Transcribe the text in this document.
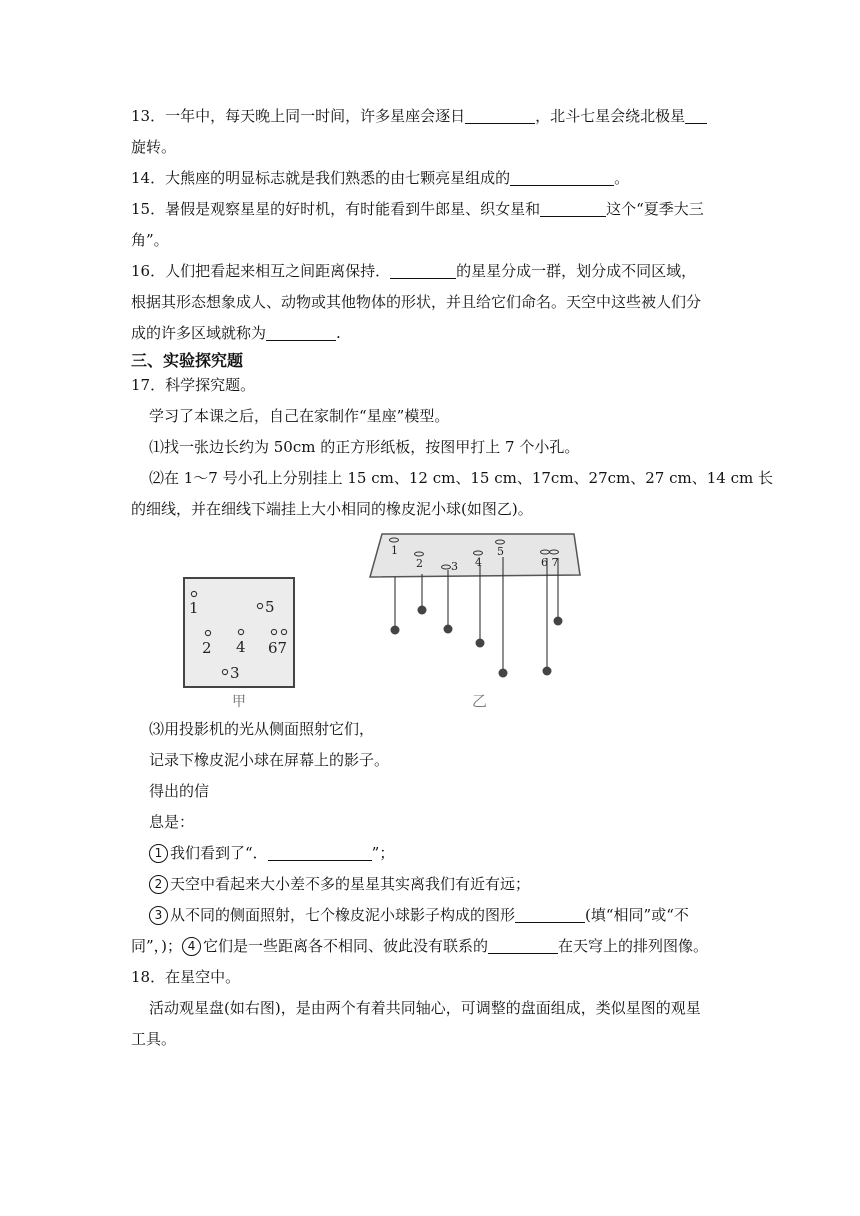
13．一年中，每天晚上同一时间，许多星座会逐日	，北斗七星会绕北极星
旋转。
14．大熊座的明显标志就是我们熟悉的由七颗亮星组成的	。
15．暑假是观察星星的好时机，有时能看到牛郎星、织女星和	这个“夏季大三
角”。
16．人们把看起来相互之间距离保持．	的星星分成一群，划分成不同区域，
根据其形态想象成人、动物或其他物体的形状，并且给它们命名。天空中这些被人们分
成的许多区域就称为	.
三、实验探究题
17．科学探究题。
学习了本课之后，自己在家制作“星座”模型。
⑴找一张边长约为 50cm 的正方形纸板，按图甲打上 7 个小孔。
⑵在 1～7 号小孔上分别挂上 15 cm、12 cm、15 cm、17cm、27cm、27 cm、14 cm 长
的细线，并在细线下端挂上大小相同的橡皮泥小球(如图乙)。
1	5
2 4 67
3
甲
1
2	3 4
5
6 7
乙
⑶用投影机的光从侧面照射它们，
记录下橡皮泥小球在屏幕上的影子。
得出的信
息是：
1 我们看到了“．	”；
2 天空中看起来大小差不多的星星其实离我们有近有远；
3 从不同的侧面照射，七个橡皮泥小球影子构成的图形	(填“相同”或“不
同”，)； 4 它们是一些距离各不相同、彼此没有联系的	在天穹上的排列图像。
18．在星空中。
活动观星盘(如右图)，是由两个有着共同轴心，可调整的盘面组成，类似星图的观星
工具。
